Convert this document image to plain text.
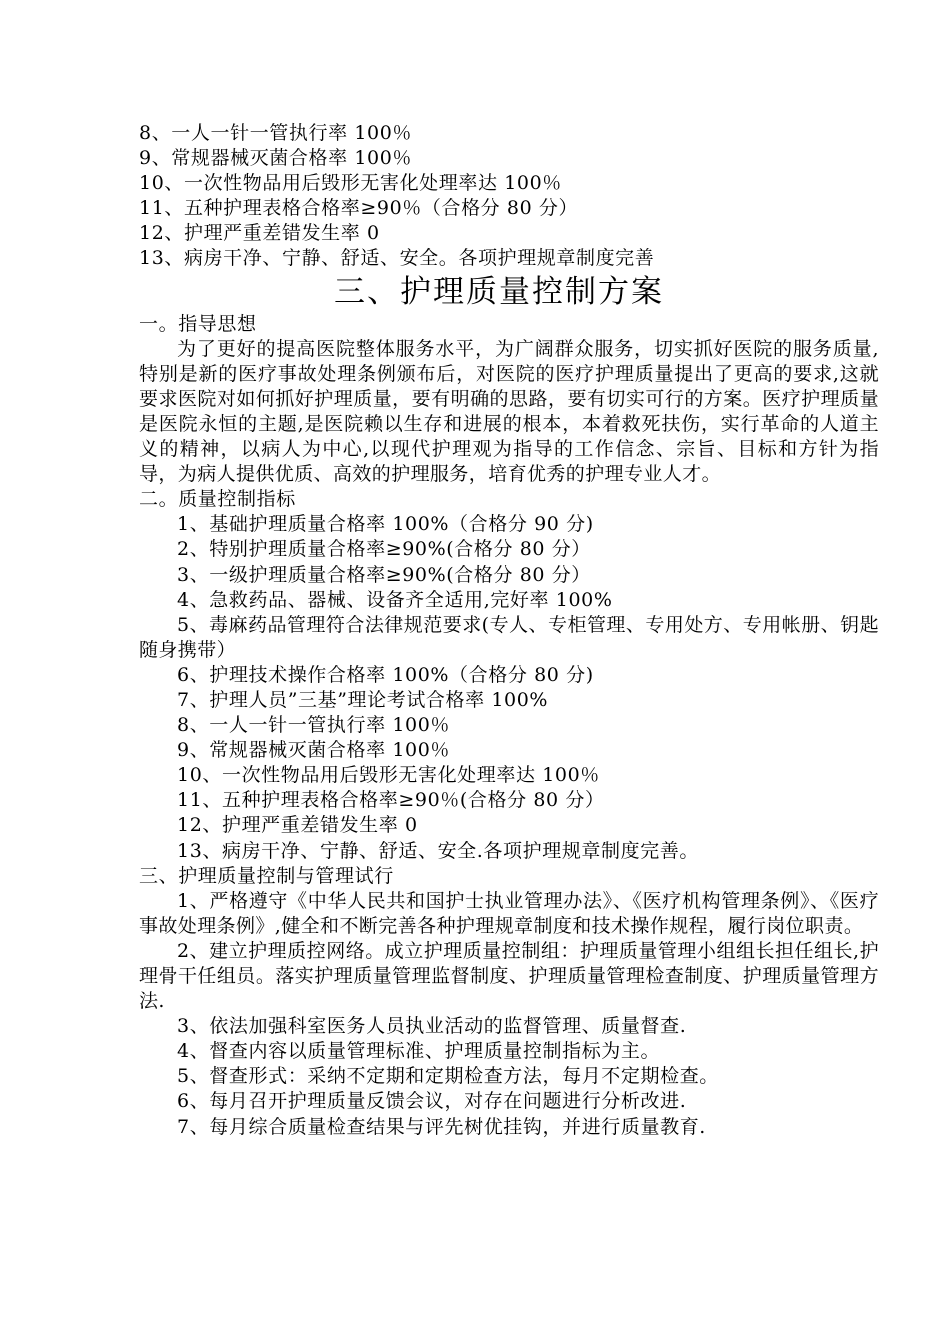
8、一人一针一管执行率 100％
9、常规器械灭菌合格率 100％
10、一次性物品用后毁形无害化处理率达 100％
11、五种护理表格合格率≥90％（合格分 80 分）
12、护理严重差错发生率 0
13、病房干净、宁静、舒适、安全。各项护理规章制度完善
三、护理质量控制方案
一。指导思想
为了更好的提高医院整体服务水平，为广阔群众服务，切实抓好医院的服务质量,特别是新的医疗事故处理条例颁布后，对医院的医疗护理质量提出了更高的要求,这就要求医院对如何抓好护理质量，要有明确的思路，要有切实可行的方案。医疗护理质量是医院永恒的主题,是医院赖以生存和进展的根本，本着救死扶伤，实行革命的人道主义的精神，以病人为中心,以现代护理观为指导的工作信念、宗旨、目标和方针为指导，为病人提供优质、高效的护理服务，培育优秀的护理专业人才。
二。质量控制指标
1、基础护理质量合格率 100%（合格分 90 分)
2、特别护理质量合格率≥90%(合格分 80 分）
3、一级护理质量合格率≥90%(合格分 80 分）
4、急救药品、器械、设备齐全适用,完好率 100%
5、毒麻药品管理符合法律规范要求(专人、专柜管理、专用处方、专用帐册、钥匙随身携带）
6、护理技术操作合格率 100%（合格分 80 分)
7、护理人员”三基”理论考试合格率 100%
8、一人一针一管执行率 100％
9、常规器械灭菌合格率 100％
10、一次性物品用后毁形无害化处理率达 100％
11、五种护理表格合格率≥90％(合格分 80 分）
12、护理严重差错发生率 0
13、病房干净、宁静、舒适、安全.各项护理规章制度完善。
三、护理质量控制与管理试行
1、严格遵守《中华人民共和国护士执业管理办法》、《医疗机构管理条例》、《医疗事故处理条例》,健全和不断完善各种护理规章制度和技术操作规程，履行岗位职责。
2、建立护理质控网络。成立护理质量控制组：护理质量管理小组组长担任组长,护理骨干任组员。落实护理质量管理监督制度、护理质量管理检查制度、护理质量管理方法.
3、依法加强科室医务人员执业活动的监督管理、质量督查.
4、督查内容以质量管理标准、护理质量控制指标为主。
5、督查形式：采纳不定期和定期检查方法，每月不定期检查。
6、每月召开护理质量反馈会议，对存在问题进行分析改进.
7、每月综合质量检查结果与评先树优挂钩，并进行质量教育.
